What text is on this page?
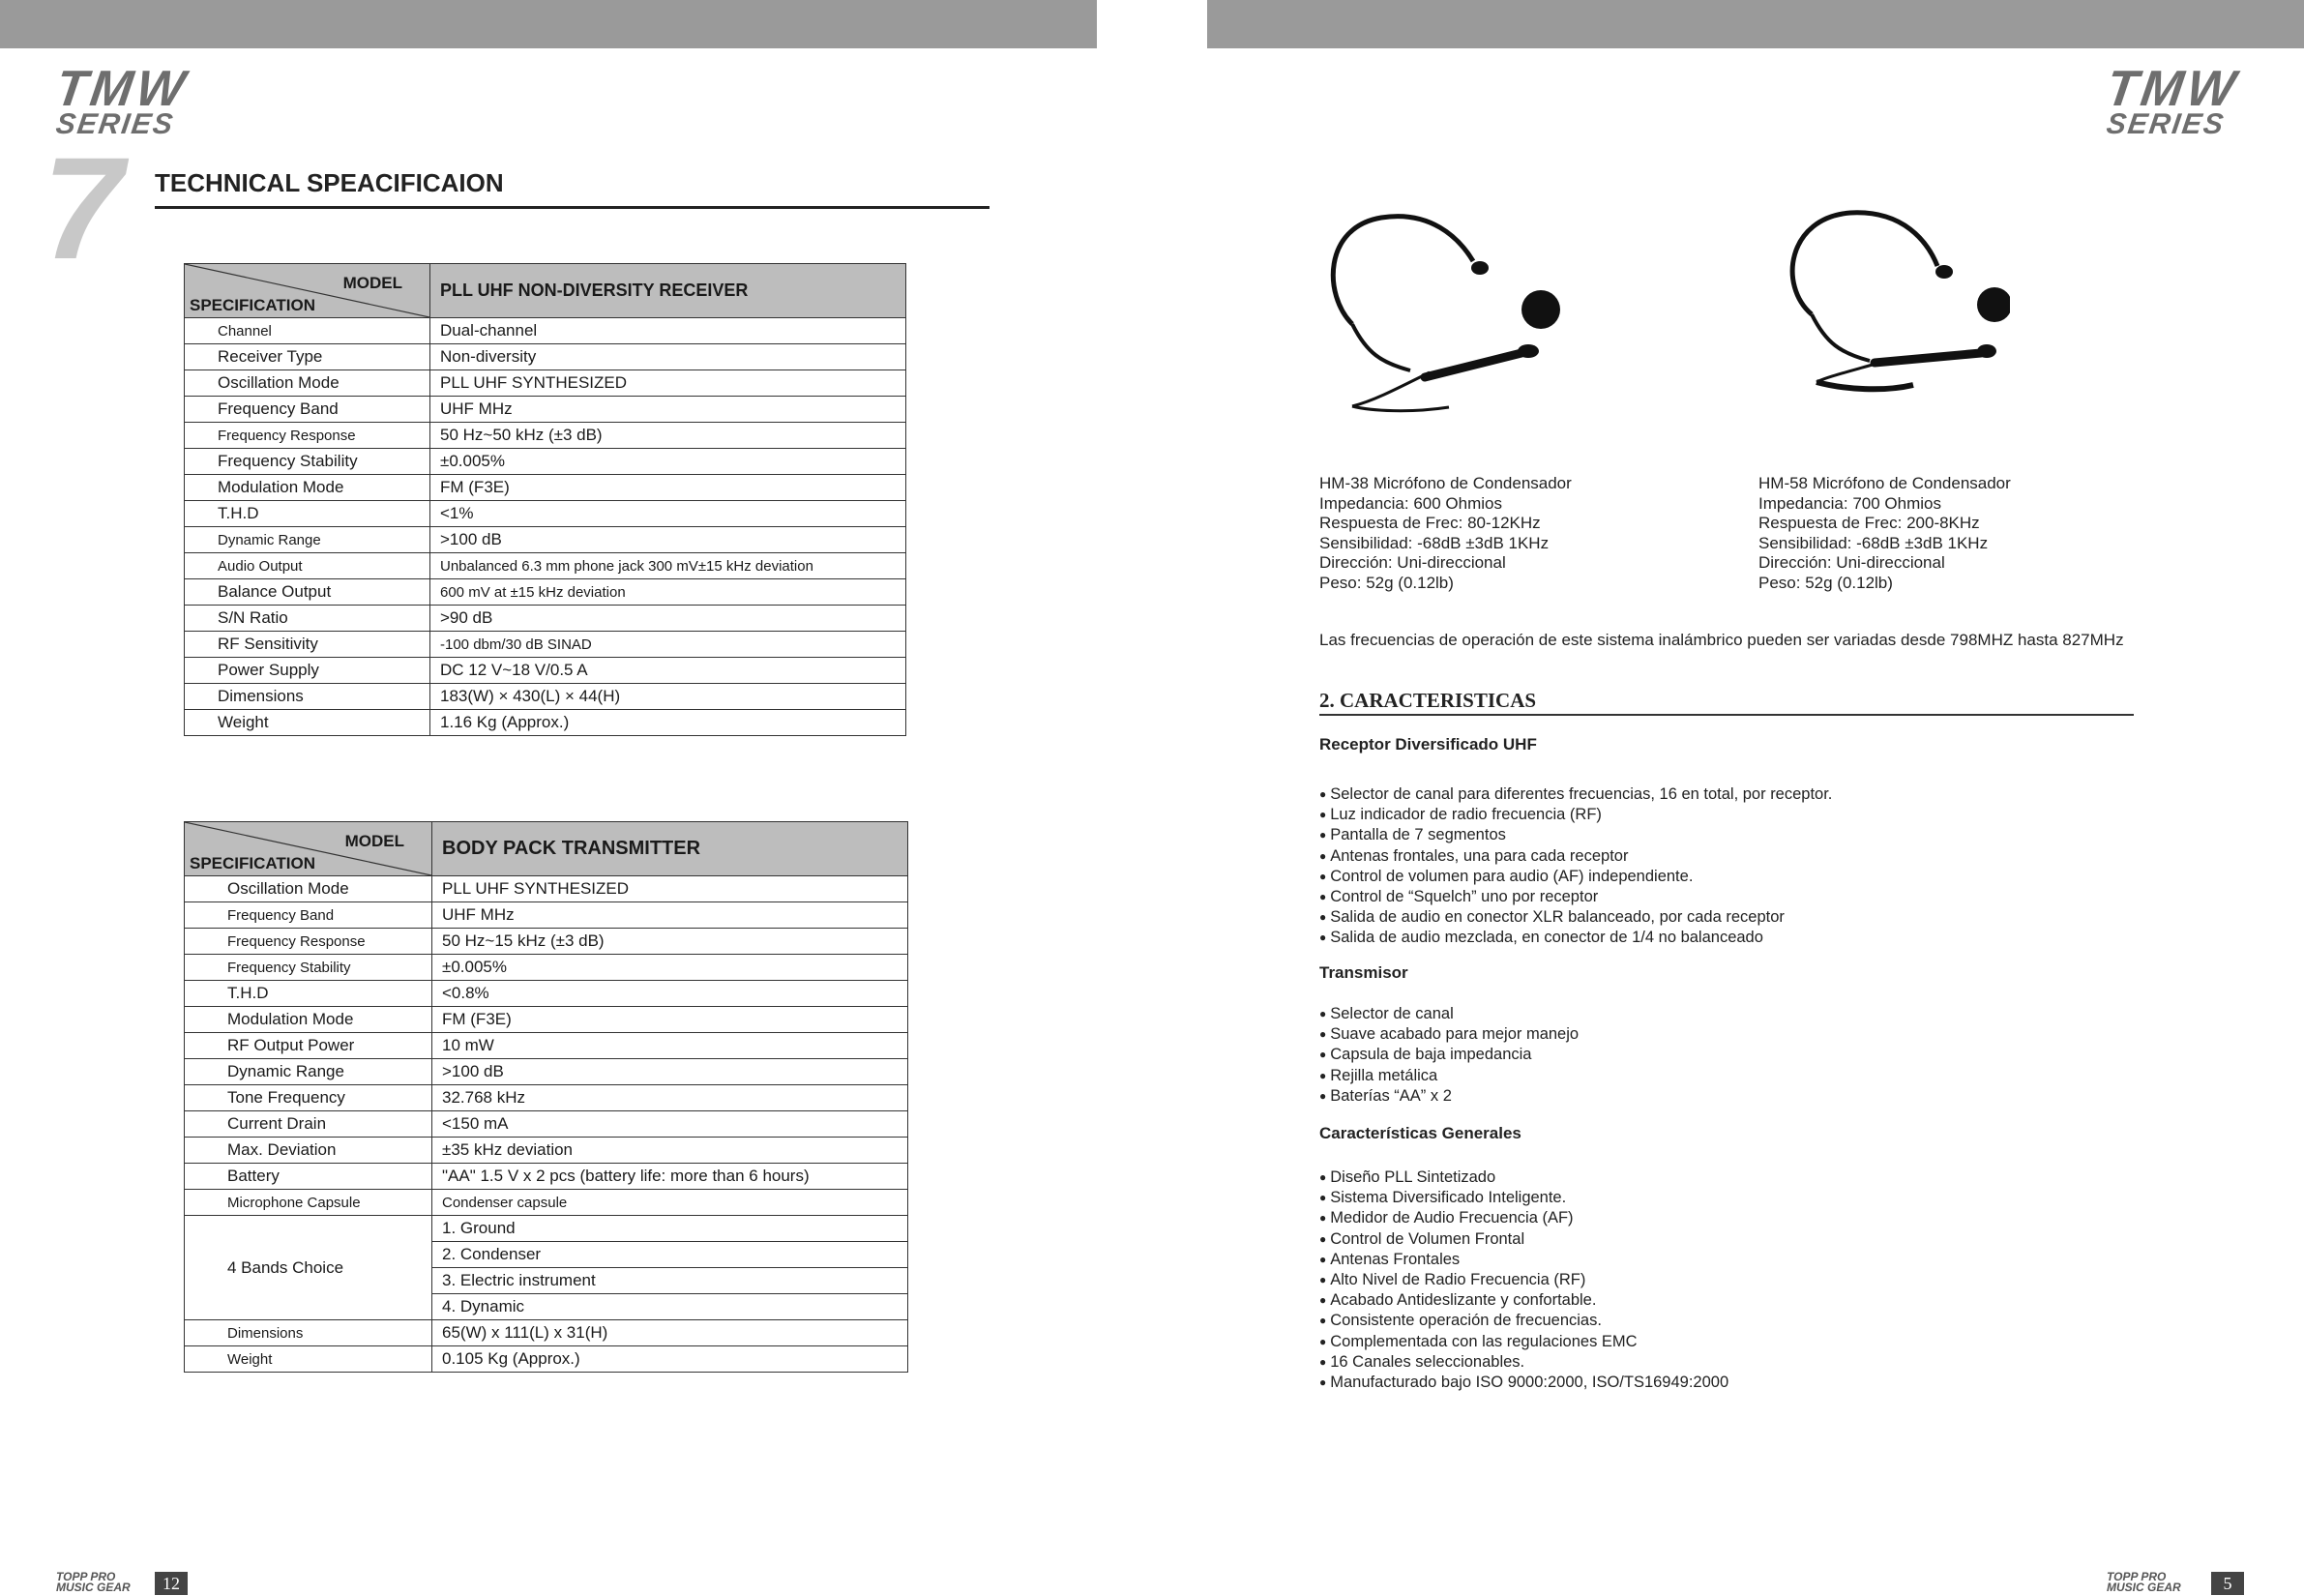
TMW
SERIES
7 TECHNICAL SPEACIFICAION
MODEL
SPECIFICATION	PLL UHF NON-DIVERSITY RECEIVER
Channel	Dual-channel
Receiver Type	Non-diversity
Oscillation Mode	PLL UHF SYNTHESIZED
Frequency Band	UHF MHz
Frequency Response	50 Hz~50 kHz (±3 dB)
Frequency Stability	±0.005%
Modulation Mode	FM (F3E)
T.H.D	<1%
Dynamic Range	>100 dB
Audio Output	Unbalanced 6.3 mm phone jack 300 mV±15 kHz deviation
Balance Output	600 mV at ±15 kHz deviation
S/N Ratio	>90 dB
RF Sensitivity	-100 dbm/30 dB SINAD
Power Supply	DC 12 V~18 V/0.5 A
Dimensions	183(W) × 430(L) × 44(H)
Weight	1.16 Kg (Approx.)
MODEL
SPECIFICATION	BODY PACK TRANSMITTER
Oscillation Mode	PLL UHF SYNTHESIZED
Frequency Band	UHF MHz
Frequency Response	50 Hz~15 kHz (±3 dB)
Frequency Stability	±0.005%
T.H.D	<0.8%
Modulation Mode	FM (F3E)
RF Output Power	10 mW
Dynamic Range	>100 dB
Tone Frequency	32.768 kHz
Current Drain	<150 mA
Max. Deviation	±35 kHz deviation
Battery	"AA" 1.5 V x 2 pcs (battery life: more than 6 hours)
Microphone Capsule	Condenser capsule
4 Bands Choice	1. Ground
	2. Condenser
	3. Electric instrument
	4. Dynamic
Dimensions	65(W) x 111(L) x 31(H)
Weight	0.105 Kg (Approx.)
TOPP PRO
MUSIC GEAR	12
TMW
SERIES
HM-38 Micrófono de Condensador
Impedancia: 600 Ohmios
Respuesta de Frec: 80-12KHz
Sensibilidad: -68dB ±3dB 1KHz
Dirección: Uni-direccional
Peso: 52g (0.12lb)
HM-58 Micrófono de Condensador
Impedancia: 700 Ohmios
Respuesta de Frec: 200-8KHz
Sensibilidad: -68dB ±3dB 1KHz
Dirección: Uni-direccional
Peso: 52g (0.12lb)
Las frecuencias de operación de este sistema inalámbrico pueden ser variadas desde 798MHZ hasta 827MHz
2. CARACTERISTICAS
Receptor Diversificado UHF
● Selector de canal para diferentes frecuencias, 16 en total, por receptor.
● Luz indicador de radio frecuencia (RF)
● Pantalla de 7 segmentos
● Antenas frontales, una para cada receptor
● Control de volumen para audio (AF) independiente.
● Control de “Squelch” uno por receptor
● Salida de audio en conector XLR balanceado, por cada receptor
● Salida de audio mezclada, en conector de 1/4 no balanceado
Transmisor
● Selector de canal
● Suave acabado para mejor manejo
● Capsula de baja impedancia
● Rejilla metálica
● Baterías “AA” x 2
Características Generales
● Diseño PLL Sintetizado
● Sistema Diversificado Inteligente.
● Medidor de Audio Frecuencia (AF)
● Control de Volumen Frontal
● Antenas Frontales
● Alto Nivel de Radio Frecuencia (RF)
● Acabado Antideslizante y confortable.
● Consistente operación de frecuencias.
● Complementada con las regulaciones EMC
● 16 Canales seleccionables.
● Manufacturado bajo ISO 9000:2000, ISO/TS16949:2000
TOPP PRO
MUSIC GEAR	5
